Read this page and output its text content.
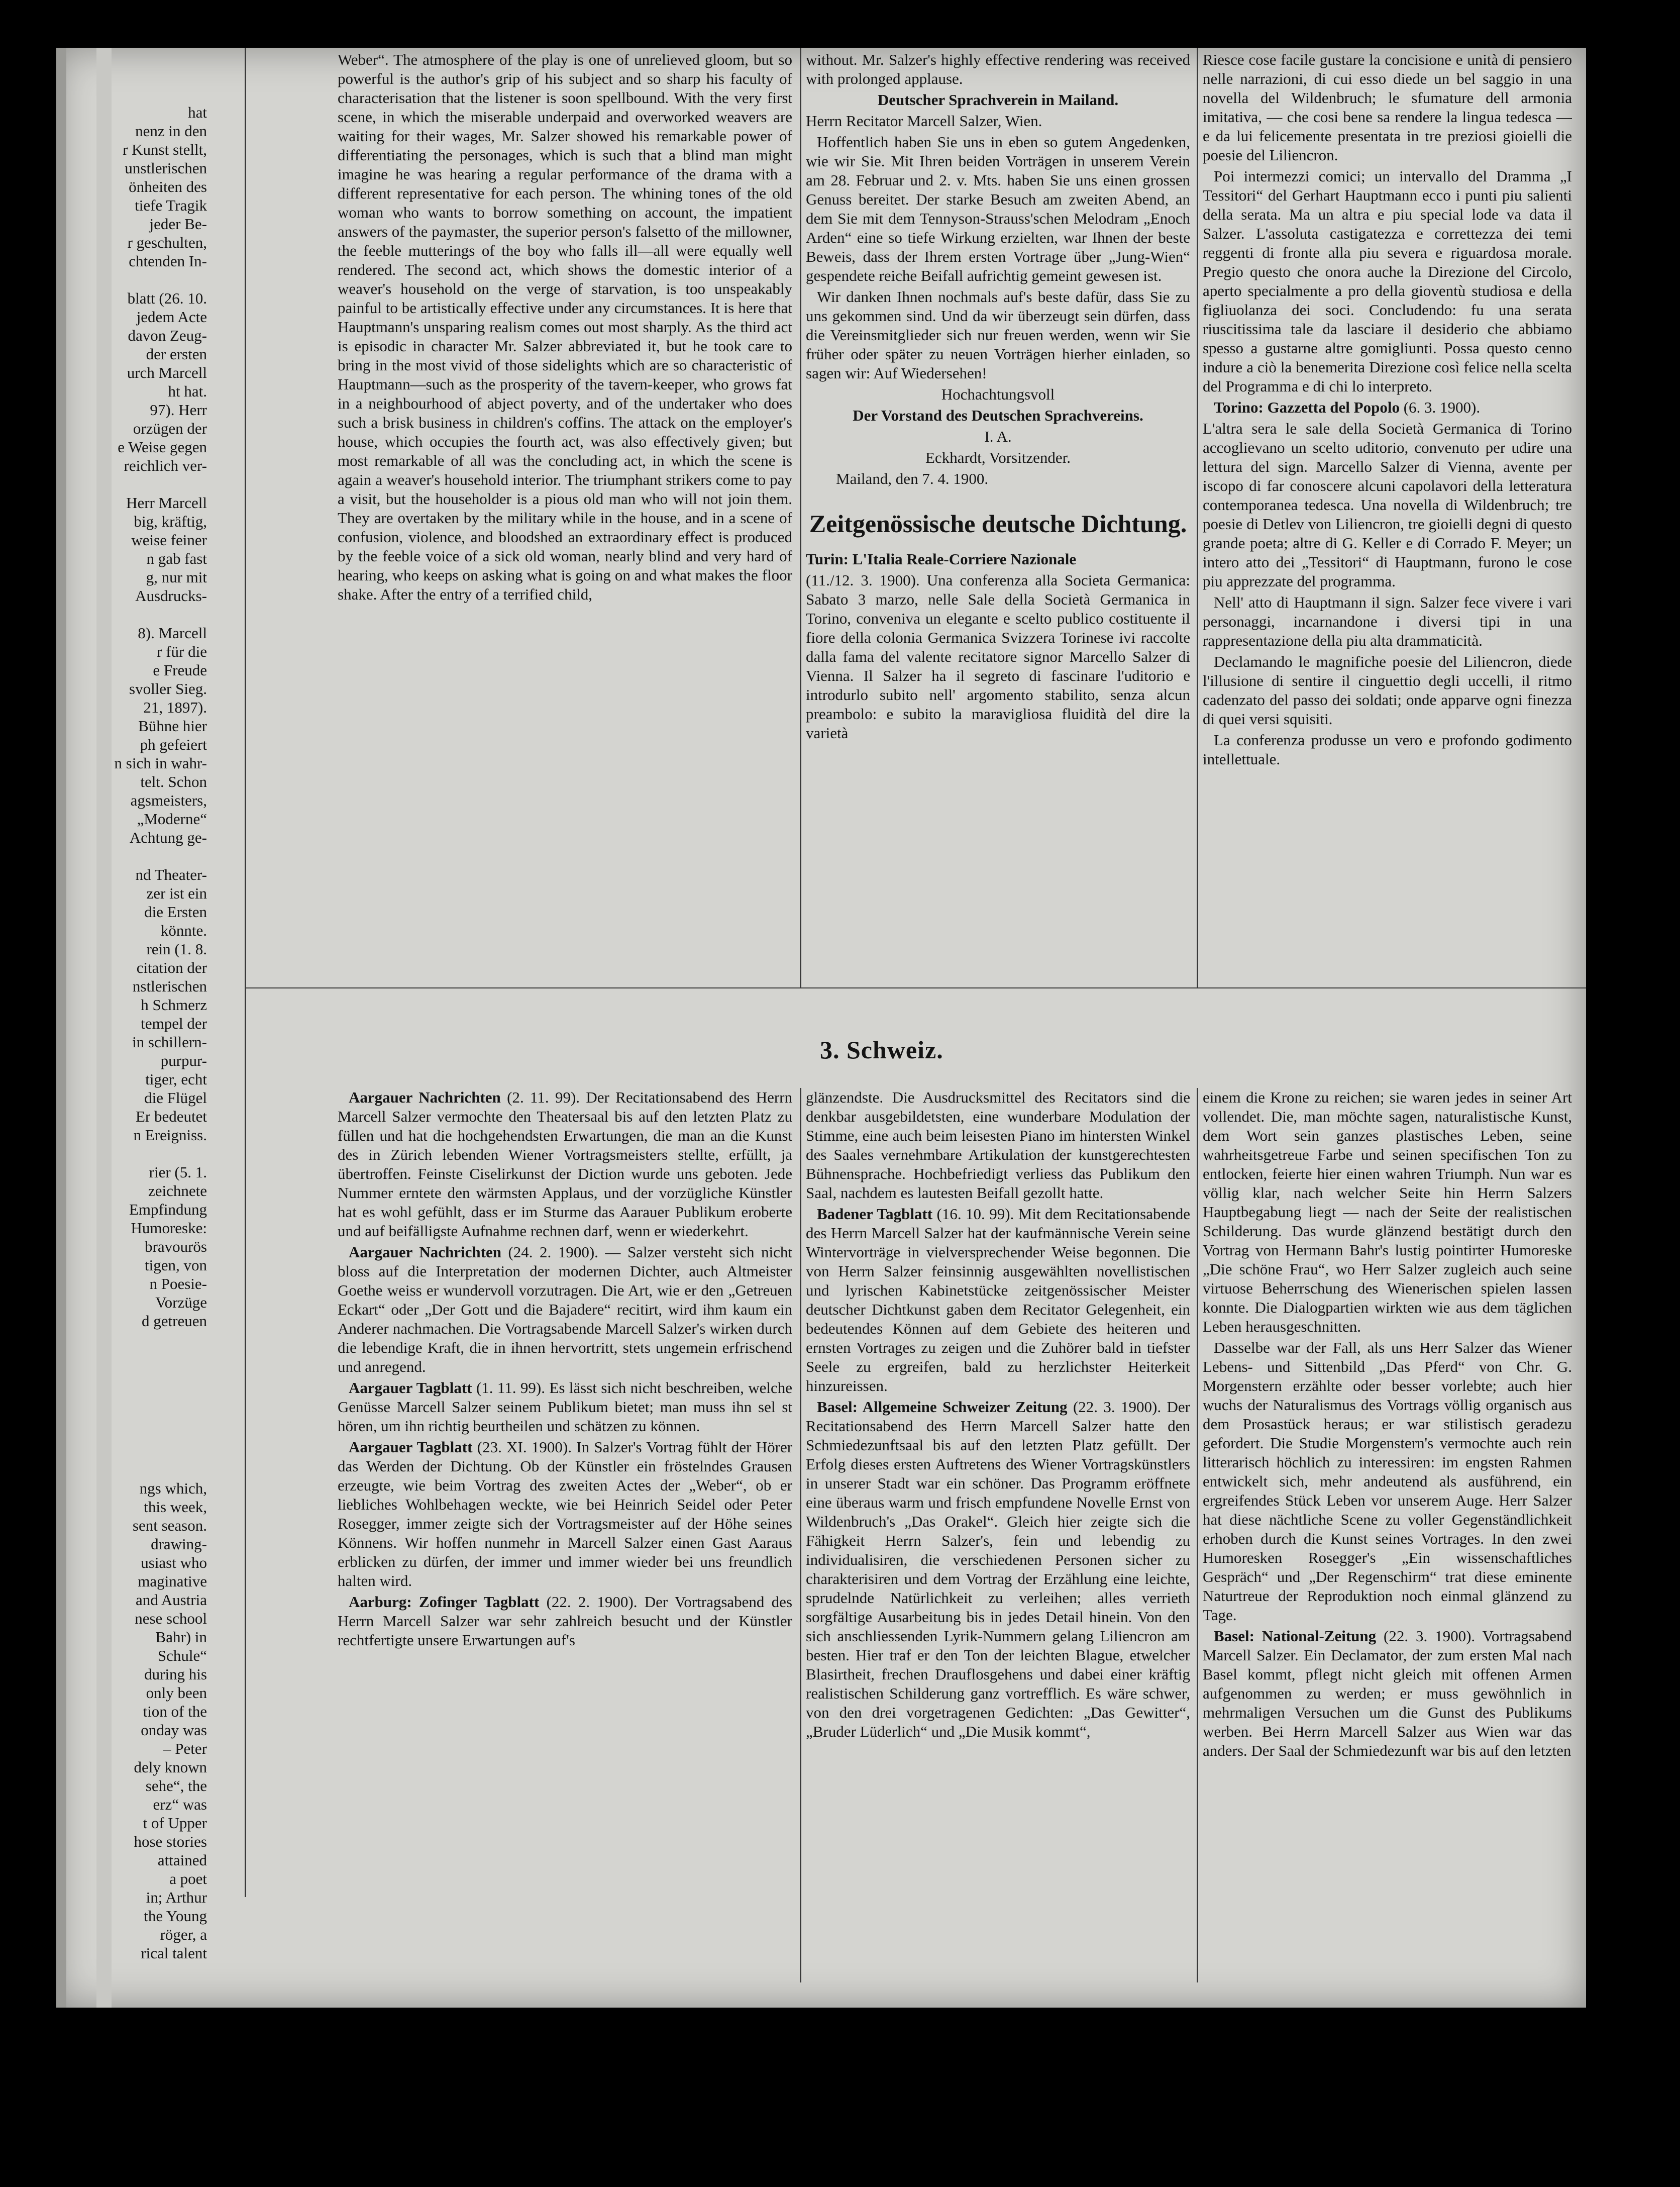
hat
nenz in den
r Kunst stellt,
unstlerischen
önheiten des
tiefe Tragik
jeder Be-
r geschulten,
chtenden In-

blatt (26. 10.
jedem Acte
davon Zeug-
der ersten
urch Marcell
ht hat.
97). Herr
orzügen der
e Weise gegen
reichlich ver-

Herr Marcell
big, kräftig,
weise feiner
n gab fast
g, nur mit
Ausdrucks-

8). Marcell
r für die
e Freude
svoller Sieg.
21, 1897).
Bühne hier
ph gefeiert
n sich in wahr-
telt. Schon
agsmeisters,
„Moderne“
Achtung ge-

nd Theater-
zer ist ein
die Ersten
könnte.
rein (1. 8.
citation der
nstlerischen
h Schmerz
tempel der
in schillern-
purpur-
tiger, echt
die Flügel
Er bedeutet
n Ereigniss.

rier (5. 1.
zeichnete
Empfindung
Humoreske:
bravourös
tigen, von
n Poesie-
Vorzüge
d getreuen

ngs which,
this week,
sent season.
drawing-
usiast who
maginative
and Austria
nese school
Bahr) in
Schule“
during his
only been
tion of the
onday was
– Peter
dely known
sehe“, the
erz“ was
t of Upper
hose stories
attained
a poet
in; Arthur
the Young
röger, a
rical talent

Weber“. The atmosphere of the play is one of unrelieved gloom, but so powerful is the author's grip of his subject and so sharp his faculty of characterisation that the listener is soon spellbound. With the very first scene, in which the miserable underpaid and overworked weavers are waiting for their wages, Mr. Salzer showed his remarkable power of differentiating the personages, which is such that a blind man might imagine he was hearing a regular performance of the drama with a different representative for each person. The whining tones of the old woman who wants to borrow something on account, the impatient answers of the paymaster, the superior person's falsetto of the millowner, the feeble mutterings of the boy who falls ill—all were equally well rendered. The second act, which shows the domestic interior of a weaver's household on the verge of starvation, is too unspeakably painful to be artistically effective under any circumstances. It is here that Hauptmann's unsparing realism comes out most sharply. As the third act is episodic in character Mr. Salzer abbreviated it, but he took care to bring in the most vivid of those sidelights which are so characteristic of Hauptmann—such as the prosperity of the tavern-keeper, who grows fat in a neighbourhood of abject poverty, and of the undertaker who does such a brisk business in children's coffins. The attack on the employer's house, which occupies the fourth act, was also effectively given; but most remarkable of all was the concluding act, in which the scene is again a weaver's household interior. The triumphant strikers come to pay a visit, but the householder is a pious old man who will not join them. They are overtaken by the military while in the house, and in a scene of confusion, violence, and bloodshed an extraordinary effect is produced by the feeble voice of a sick old woman, nearly blind and very hard of hearing, who keeps on asking what is going on and what makes the floor shake. After the entry of a terrified child,

without. Mr. Salzer's highly effective rendering was received with prolonged applause.

Deutscher Sprachverein in Mailand.

Herrn Recitator Marcell Salzer, Wien.

Hoffentlich haben Sie uns in eben so gutem Angedenken, wie wir Sie. Mit Ihren beiden Vorträgen in unserem Verein am 28. Februar und 2. v. Mts. haben Sie uns einen grossen Genuss bereitet. Der starke Besuch am zweiten Abend, an dem Sie mit dem Tennyson-Strauss'schen Melodram „Enoch Arden“ eine so tiefe Wirkung erzielten, war Ihnen der beste Beweis, dass der Ihrem ersten Vortrage über „Jung-Wien“ gespendete reiche Beifall aufrichtig gemeint gewesen ist.

Wir danken Ihnen nochmals auf's beste dafür, dass Sie zu uns gekommen sind. Und da wir überzeugt sein dürfen, dass die Vereinsmitglieder sich nur freuen werden, wenn wir Sie früher oder später zu neuen Vorträgen hierher einladen, so sagen wir: Auf Wiedersehen!

Hochachtungsvoll

Der Vorstand des Deutschen Sprachvereins.

I. A.

Eckhardt, Vorsitzender.

Mailand, den 7. 4. 1900.

Zeitgenössische deutsche Dichtung.

Turin: L'Italia Reale-Corriere Nazionale

(11./12. 3. 1900). Una conferenza alla Societa Germanica: Sabato 3 marzo, nelle Sale della Società Germanica in Torino, conveniva un elegante e scelto publico costituente il fiore della colonia Germanica Svizzera Torinese ivi raccolte dalla fama del valente recitatore signor Marcello Salzer di Vienna. Il Salzer ha il segreto di fascinare l'uditorio e introdurlo subito nell' argomento stabilito, senza alcun preambolo: e subito la maravigliosa fluidità del dire la varietà

Riesce cose facile gustare la concisione e unità di pensiero nelle narrazioni, di cui esso diede un bel saggio in una novella del Wildenbruch; le sfumature dell armonia imitativa, — che cosi bene sa rendere la lingua tedesca — e da lui felicemente presentata in tre preziosi gioielli die poesie del Liliencron.

Poi intermezzi comici; un intervallo del Dramma „I Tessitori“ del Gerhart Hauptmann ecco i punti piu salienti della serata. Ma un altra e piu special lode va data il Salzer. L'assoluta castigatezza e correttezza dei temi reggenti di fronte alla piu severa e riguardosa morale. Pregio questo che onora auche la Direzione del Circolo, aperto specialmente a pro della gioventù studiosa e della figliuolanza dei soci. Concludendo: fu una serata riuscitissima tale da lasciare il desiderio che abbiamo spesso a gustarne altre gomigliunti. Possa questo cenno indure a ciò la benemerita Direzione così felice nella scelta del Programma e di chi lo interpreto.

Torino: Gazzetta del Popolo (6. 3. 1900).

L'altra sera le sale della Società Germanica di Torino accoglievano un scelto uditorio, convenuto per udire una lettura del sign. Marcello Salzer di Vienna, avente per iscopo di far conoscere alcuni capolavori della letteratura contemporanea tedesca. Una novella di Wildenbruch; tre poesie di Detlev von Liliencron, tre gioielli degni di questo grande poeta; altre di G. Keller e di Corrado F. Meyer; un intero atto dei „Tessitori“ di Hauptmann, furono le cose piu apprezzate del programma.

Nell' atto di Hauptmann il sign. Salzer fece vivere i vari personaggi, incarnandone i diversi tipi in una rappresentazione della piu alta drammaticità.

Declamando le magnifiche poesie del Liliencron, diede l'illusione di sentire il cinguettio degli uccelli, il ritmo cadenzato del passo dei soldati; onde apparve ogni finezza di quei versi squisiti.

La conferenza produsse un vero e profondo godimento intellettuale.

3. Schweiz.

Aargauer Nachrichten (2. 11. 99). Der Recitationsabend des Herrn Marcell Salzer vermochte den Theatersaal bis auf den letzten Platz zu füllen und hat die hochgehendsten Erwartungen, die man an die Kunst des in Zürich lebenden Wiener Vortragsmeisters stellte, erfüllt, ja übertroffen. Feinste Ciselirkunst der Diction wurde uns geboten. Jede Nummer erntete den wärmsten Applaus, und der vorzügliche Künstler hat es wohl gefühlt, dass er im Sturme das Aarauer Publikum eroberte und auf beifälligste Aufnahme rechnen darf, wenn er wiederkehrt.

Aargauer Nachrichten (24. 2. 1900). — Salzer versteht sich nicht bloss auf die Interpretation der modernen Dichter, auch Altmeister Goethe weiss er wundervoll vorzutragen. Die Art, wie er den „Getreuen Eckart“ oder „Der Gott und die Bajadere“ recitirt, wird ihm kaum ein Anderer nachmachen. Die Vortragsabende Marcell Salzer's wirken durch die lebendige Kraft, die in ihnen hervortritt, stets ungemein erfrischend und anregend.

Aargauer Tagblatt (1. 11. 99). Es lässt sich nicht beschreiben, welche Genüsse Marcell Salzer seinem Publikum bietet; man muss ihn sel st hören, um ihn richtig beurtheilen und schätzen zu können.

Aargauer Tagblatt (23. XI. 1900). In Salzer's Vortrag fühlt der Hörer das Werden der Dichtung. Ob der Künstler ein fröstelndes Grausen erzeugte, wie beim Vortrag des zweiten Actes der „Weber“, ob er liebliches Wohlbehagen weckte, wie bei Heinrich Seidel oder Peter Rosegger, immer zeigte sich der Vortragsmeister auf der Höhe seines Könnens. Wir hoffen nunmehr in Marcell Salzer einen Gast Aaraus erblicken zu dürfen, der immer und immer wieder bei uns freundlich halten wird.

Aarburg: Zofinger Tagblatt (22. 2. 1900). Der Vortragsabend des Herrn Marcell Salzer war sehr zahlreich besucht und der Künstler rechtfertigte unsere Erwartungen auf's

glänzendste. Die Ausdrucksmittel des Recitators sind die denkbar ausgebildetsten, eine wunderbare Modulation der Stimme, eine auch beim leisesten Piano im hintersten Winkel des Saales vernehmbare Artikulation der kunstgerechtesten Bühnensprache. Hochbefriedigt verliess das Publikum den Saal, nachdem es lautesten Beifall gezollt hatte.

Badener Tagblatt (16. 10. 99). Mit dem Recitationsabende des Herrn Marcell Salzer hat der kaufmännische Verein seine Wintervorträge in vielversprechender Weise begonnen. Die von Herrn Salzer feinsinnig ausgewählten novellistischen und lyrischen Kabinetstücke zeitgenössischer Meister deutscher Dichtkunst gaben dem Recitator Gelegenheit, ein bedeutendes Können auf dem Gebiete des heiteren und ernsten Vortrages zu zeigen und die Zuhörer bald in tiefster Seele zu ergreifen, bald zu herzlichster Heiterkeit hinzureissen.

Basel: Allgemeine Schweizer Zeitung (22. 3. 1900). Der Recitationsabend des Herrn Marcell Salzer hatte den Schmiedezunftsaal bis auf den letzten Platz gefüllt. Der Erfolg dieses ersten Auftretens des Wiener Vortragskünstlers in unserer Stadt war ein schöner. Das Programm eröffnete eine überaus warm und frisch empfundene Novelle Ernst von Wildenbruch's „Das Orakel“. Gleich hier zeigte sich die Fähigkeit Herrn Salzer's, fein und lebendig zu individualisiren, die verschiedenen Personen sicher zu charakterisiren und dem Vortrag der Erzählung eine leichte, sprudelnde Natürlichkeit zu verleihen; alles verrieth sorgfältige Ausarbeitung bis in jedes Detail hinein. Von den sich anschliessenden Lyrik-Nummern gelang Liliencron am besten. Hier traf er den Ton der leichten Blague, etwelcher Blasirtheit, frechen Drauflosgehens und dabei einer kräftig realistischen Schilderung ganz vortrefflich. Es wäre schwer, von den drei vorgetragenen Gedichten: „Das Gewitter“, „Bruder Lüderlich“ und „Die Musik kommt“,

einem die Krone zu reichen; sie waren jedes in seiner Art vollendet. Die, man möchte sagen, naturalistische Kunst, dem Wort sein ganzes plastisches Leben, seine wahrheitsgetreue Farbe und seinen specifischen Ton zu entlocken, feierte hier einen wahren Triumph. Nun war es völlig klar, nach welcher Seite hin Herrn Salzers Hauptbegabung liegt — nach der Seite der realistischen Schilderung. Das wurde glänzend bestätigt durch den Vortrag von Hermann Bahr's lustig pointirter Humoreske „Die schöne Frau“, wo Herr Salzer zugleich auch seine virtuose Beherrschung des Wienerischen spielen lassen konnte. Die Dialogpartien wirkten wie aus dem täglichen Leben herausgeschnitten.

Dasselbe war der Fall, als uns Herr Salzer das Wiener Lebens- und Sittenbild „Das Pferd“ von Chr. G. Morgenstern erzählte oder besser vorlebte; auch hier wuchs der Naturalismus des Vortrags völlig organisch aus dem Prosastück heraus; er war stilistisch geradezu gefordert. Die Studie Morgenstern's vermochte auch rein litterarisch höchlich zu interessiren: im engsten Rahmen entwickelt sich, mehr andeutend als ausführend, ein ergreifendes Stück Leben vor unserem Auge. Herr Salzer hat diese nächtliche Scene zu voller Gegenständlichkeit erhoben durch die Kunst seines Vortrages. In den zwei Humoresken Rosegger's „Ein wissenschaftliches Gespräch“ und „Der Regenschirm“ trat diese eminente Naturtreue der Reproduktion noch einmal glänzend zu Tage.

Basel: National-Zeitung (22. 3. 1900). Vortragsabend Marcell Salzer. Ein Declamator, der zum ersten Mal nach Basel kommt, pflegt nicht gleich mit offenen Armen aufgenommen zu werden; er muss gewöhnlich in mehrmaligen Versuchen um die Gunst des Publikums werben. Bei Herrn Marcell Salzer aus Wien war das anders. Der Saal der Schmiedezunft war bis auf den letzten
